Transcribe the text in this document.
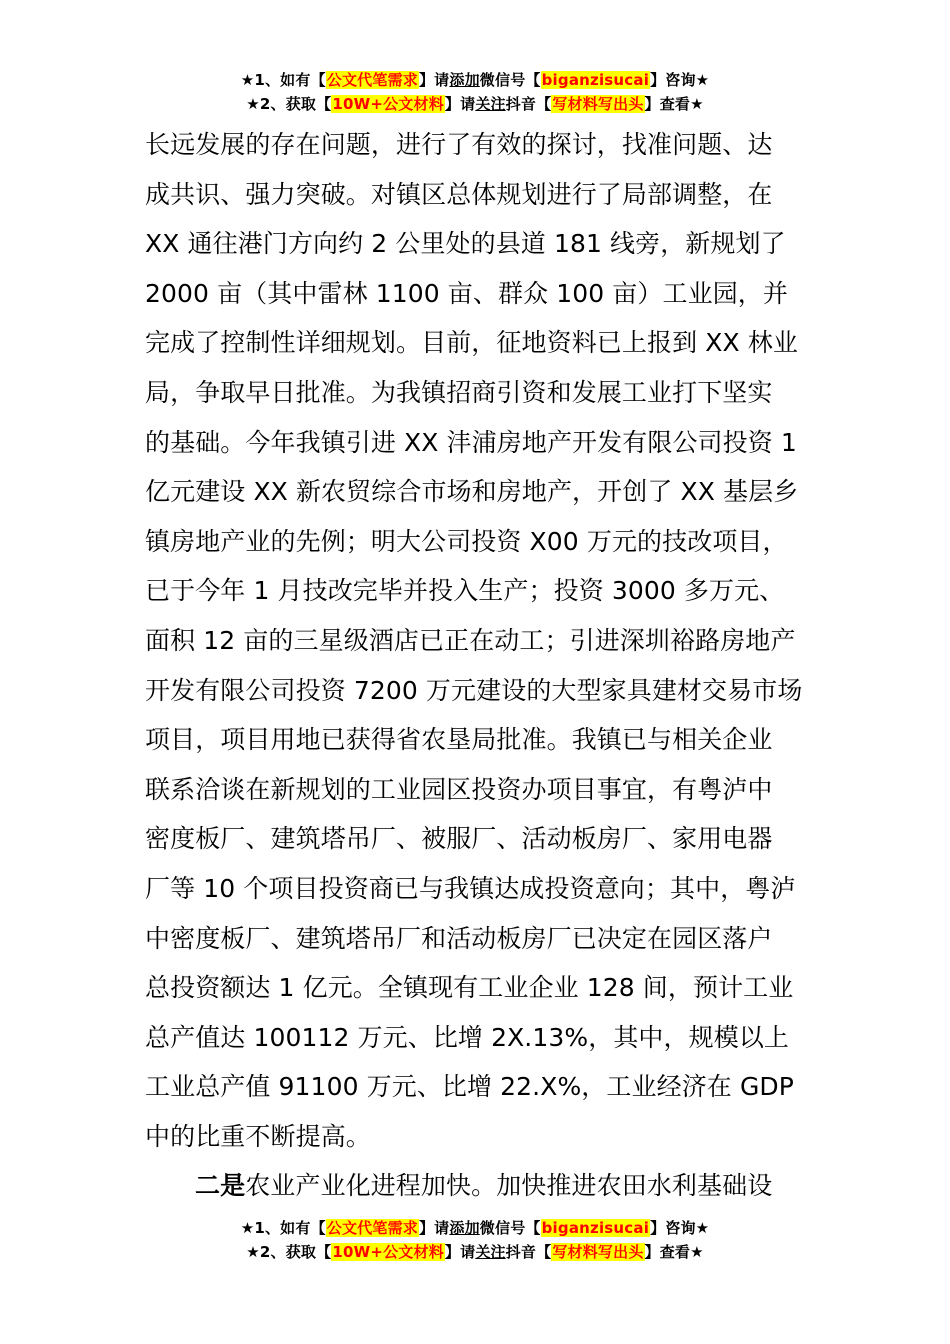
★1、如有【公文代笔需求】请添加微信号【biganzisucai】咨询★
★2、获取【10W+公文材料】请关注抖音【写材料写出头】查看★
长远发展的存在问题，进行了有效的探讨，找准问题、达
成共识、强力突破。对镇区总体规划进行了局部调整，在
XX 通往港门方向约 2 公里处的县道 181 线旁，新规划了
2000 亩（其中雷林 1100 亩、群众 100 亩）工业园，并
完成了控制性详细规划。目前，征地资料已上报到 XX 林业
局，争取早日批准。为我镇招商引资和发展工业打下坚实
的基础。今年我镇引进 XX 沣浦房地产开发有限公司投资 1
亿元建设 XX 新农贸综合市场和房地产，开创了 XX 基层乡
镇房地产业的先例；明大公司投资 X00 万元的技改项目，
已于今年 1 月技改完毕并投入生产；投资 3000 多万元、
面积 12 亩的三星级酒店已正在动工；引进深圳裕路房地产
开发有限公司投资 7200 万元建设的大型家具建材交易市场
项目，项目用地已获得省农垦局批准。我镇已与相关企业
联系洽谈在新规划的工业园区投资办项目事宜，有粤泸中
密度板厂、建筑塔吊厂、被服厂、活动板房厂、家用电器
厂等 10 个项目投资商已与我镇达成投资意向；其中，粤泸
中密度板厂、建筑塔吊厂和活动板房厂已决定在园区落户
总投资额达 1 亿元。全镇现有工业企业 128 间，预计工业
总产值达 100112 万元、比增 2X.13%，其中，规模以上
工业总产值 91100 万元、比增 22.X%，工业经济在 GDP
中的比重不断提高。
二是农业产业化进程加快。加快推进农田水利基础设
★1、如有【公文代笔需求】请添加微信号【biganzisucai】咨询★
★2、获取【10W+公文材料】请关注抖音【写材料写出头】查看★
